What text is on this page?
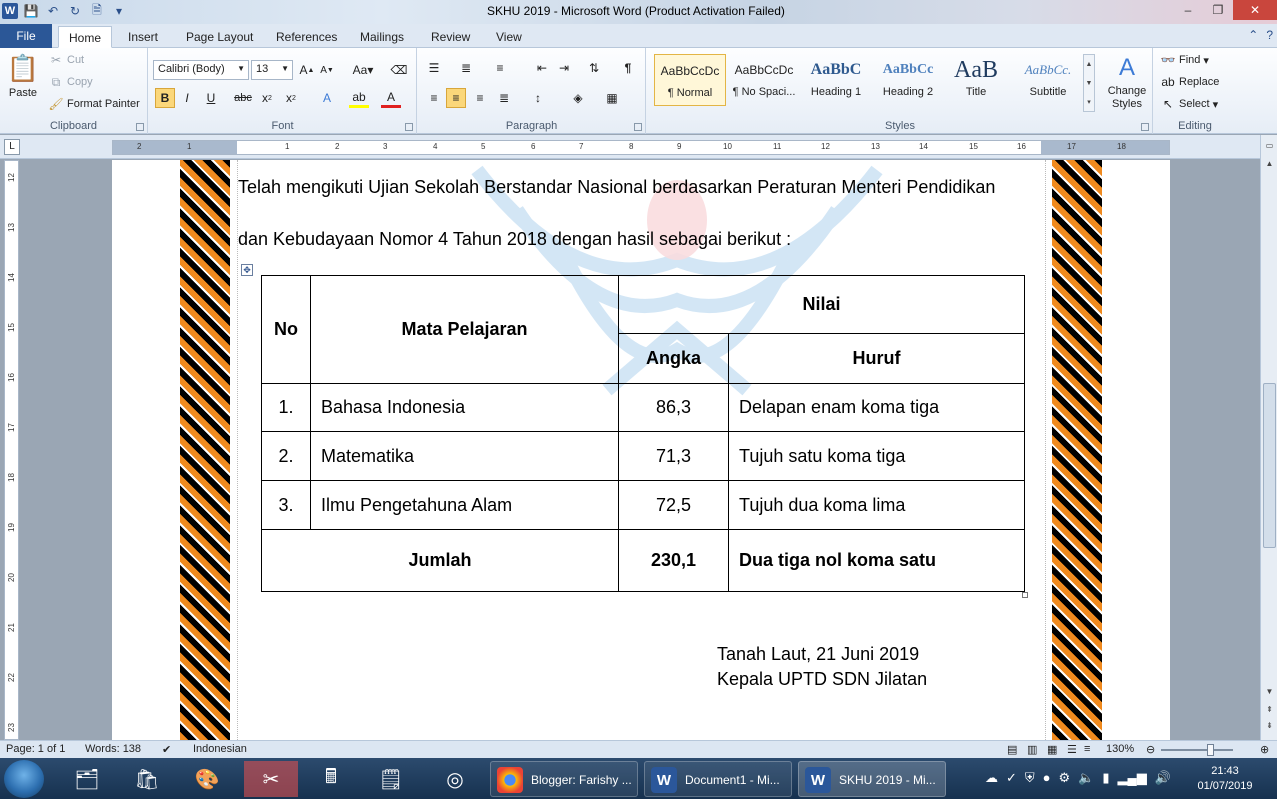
W 💾 ↶ ↻	🗎	▾	SKHU 2019 - Microsoft Word (Product Activation Failed)	–	❐	✕
File	Home	Insert	Page Layout	References	Mailings	Review	View	⌃ ?
📋
Paste
✂ Cut
⧉ Copy
🖌 Format Painter
Clipboard
Calibri (Body) ▼	13 ▼ A ▲ A ▼	Aa▾	⌫
B	I	U	abc x 2	x 2	A	ab	A
Font
☰	≣	≡	⇤ ⇥	⇅	¶
≡	≡	≡	≣	↕	◈	▦
Paragraph
AaBbCcDc
¶ Normal
AaBbCcDc
¶ No Spaci...
AaBbC
Heading 1
AaBbCc
Heading 2
AaB
Title
AaBbCc.
Subtitle
▲
▼
▾
A
Change Styles
Styles
👓 Find ▾
ab Replace
↖ Select ▾
Editing
L	2	1	1	2	3	4	5	6	7	8	9	10	11	12	13	14	15	16	17	18
12
13
14
15
16
17
18
19
20
21
22
23
Telah mengikuti Ujian Sekolah Berstandar Nasional berdasarkan Peraturan Menteri Pendidikan
dan Kebudayaan Nomor 4 Tahun 2018 dengan hasil sebagai berikut :
✥
No	Mata Pelajaran	Nilai	
		Angka	Huruf
1.	Bahasa Indonesia	86,3	Delapan enam koma tiga
2.	Matematika	71,3	Tujuh satu koma tiga
3.	Ilmu Pengetahuna Alam	72,5	Tujuh dua koma lima
Jumlah		230,1	Dua tiga nol koma satu
Tanah Laut, 21 Juni 2019
Kepala UPTD SDN Jilatan
▭
▲
▼
⇞
⇟
Page: 1 of 1 Words: 138 ✔ Indonesian	▤ ▥ ▦ ☰ ≡ 130% ⊖	⊕
🗂	🛍	🎨	✂	🖩	🗒	◎	Blogger: Farishy ...	W	Document1 - Mi...	W	SKHU 2019 - Mi...	☁ ✓ ⛨ ● ⚙ 🔈 ▮ ▂▄▆ 🔊	21:43
01/07/2019
